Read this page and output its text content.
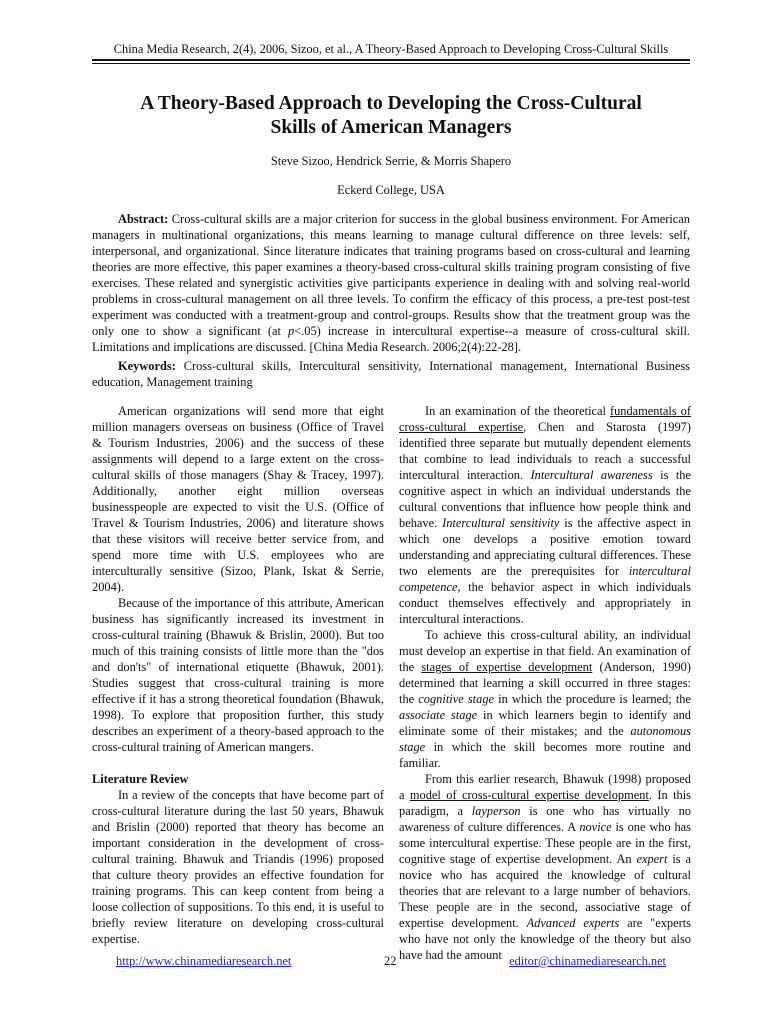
China Media Research, 2(4), 2006, Sizoo, et al., A Theory-Based Approach to Developing Cross-Cultural Skills
A Theory-Based Approach to Developing the Cross-Cultural
Skills of American Managers
Steve Sizoo, Hendrick Serrie, & Morris Shapero
Eckerd College, USA

Abstract: Cross-cultural skills are a major criterion for success in the global business environment. For American managers in multinational organizations, this means learning to manage cultural difference on three levels: self, interpersonal, and organizational. Since literature indicates that training programs based on cross-cultural and learning theories are more effective, this paper examines a theory-based cross-cultural skills training program consisting of five exercises. These related and synergistic activities give participants experience in dealing with and solving real-world problems in cross-cultural management on all three levels. To confirm the efficacy of this process, a pre-test post-test experiment was conducted with a treatment-group and control-groups. Results show that the treatment group was the only one to show a significant (at p<.05) increase in intercultural expertise--a measure of cross-cultural skill. Limitations and implications are discussed. [China Media Research. 2006;2(4):22-28].

Keywords: Cross-cultural skills, Intercultural sensitivity, International management, International Business education, Management training

American organizations will send more that eight million managers overseas on business (Office of Travel & Tourism Industries, 2006) and the success of these assignments will depend to a large extent on the cross-cultural skills of those managers (Shay & Tracey, 1997). Additionally, another eight million overseas businesspeople are expected to visit the U.S. (Office of Travel & Tourism Industries, 2006) and literature shows that these visitors will receive better service from, and spend more time with U.S. employees who are interculturally sensitive (Sizoo, Plank, Iskat & Serrie, 2004).

Because of the importance of this attribute, American business has significantly increased its investment in cross-cultural training (Bhawuk & Brislin, 2000). But too much of this training consists of little more than the "dos and don'ts" of international etiquette (Bhawuk, 2001). Studies suggest that cross-cultural training is more effective if it has a strong theoretical foundation (Bhawuk, 1998). To explore that proposition further, this study describes an experiment of a theory-based approach to the cross-cultural training of American mangers.

Literature Review

In a review of the concepts that have become part of cross-cultural literature during the last 50 years, Bhawuk and Brislin (2000) reported that theory has become an important consideration in the development of cross-cultural training. Bhawuk and Triandis (1996) proposed that culture theory provides an effective foundation for training programs. This can keep content from being a loose collection of suppositions. To this end, it is useful to briefly review literature on developing cross-cultural expertise.

In an examination of the theoretical fundamentals of cross-cultural expertise, Chen and Starosta (1997) identified three separate but mutually dependent elements that combine to lead individuals to reach a successful intercultural interaction. Intercultural awareness is the cognitive aspect in which an individual understands the cultural conventions that influence how people think and behave. Intercultural sensitivity is the affective aspect in which one develops a positive emotion toward understanding and appreciating cultural differences. These two elements are the prerequisites for intercultural competence, the behavior aspect in which individuals conduct themselves effectively and appropriately in intercultural interactions.

To achieve this cross-cultural ability, an individual must develop an expertise in that field. An examination of the stages of expertise development (Anderson, 1990) determined that learning a skill occurred in three stages: the cognitive stage in which the procedure is learned; the associate stage in which learners begin to identify and eliminate some of their mistakes; and the autonomous stage in which the skill becomes more routine and familiar.

From this earlier research, Bhawuk (1998) proposed a model of cross-cultural expertise development. In this paradigm, a layperson is one who has virtually no awareness of culture differences. A novice is one who has some intercultural expertise. These people are in the first, cognitive stage of expertise development. An expert is a novice who has acquired the knowledge of cultural theories that are relevant to a large number of behaviors. These people are in the second, associative stage of expertise development. Advanced experts are "experts who have not only the knowledge of the theory but also have had the amount

http://www.chinamediaresearch.net	22	editor@chinamediaresearch.net
